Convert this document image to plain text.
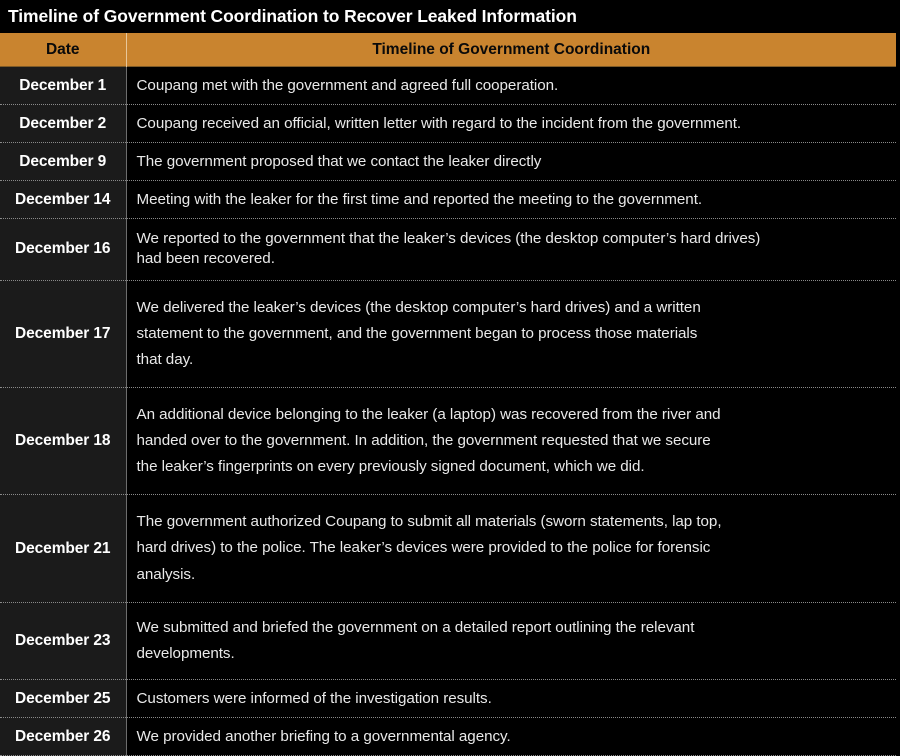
Timeline of Government Coordination to Recover Leaked Information
Date	Timeline of Government Coordination
December 1	Coupang met with the government and agreed full cooperation.

December 2	Coupang received an official, written letter with regard to the incident from the government.

December 9	The government proposed that we contact the leaker directly

December 14	Meeting with the leaker for the first time and reported the meeting to the government.

December 16	We reported to the government that the leaker’s devices (the desktop computer’s hard drives)
had been recovered.

December 17	We delivered the leaker’s devices (the desktop computer’s hard drives) and a written
statement to the government, and the government began to process those materials
that day.

December 18	An additional device belonging to the leaker (a laptop) was recovered from the river and
handed over to the government. In addition, the government requested that we secure
the leaker’s fingerprints on every previously signed document, which we did.

December 21	The government authorized Coupang to submit all materials (sworn statements, lap top,
hard drives) to the police. The leaker’s devices were provided to the police for forensic
analysis.

December 23	We submitted and briefed the government on a detailed report outlining the relevant
developments.

December 25	Customers were informed of the investigation results.

December 26	We provided another briefing to a governmental agency.
